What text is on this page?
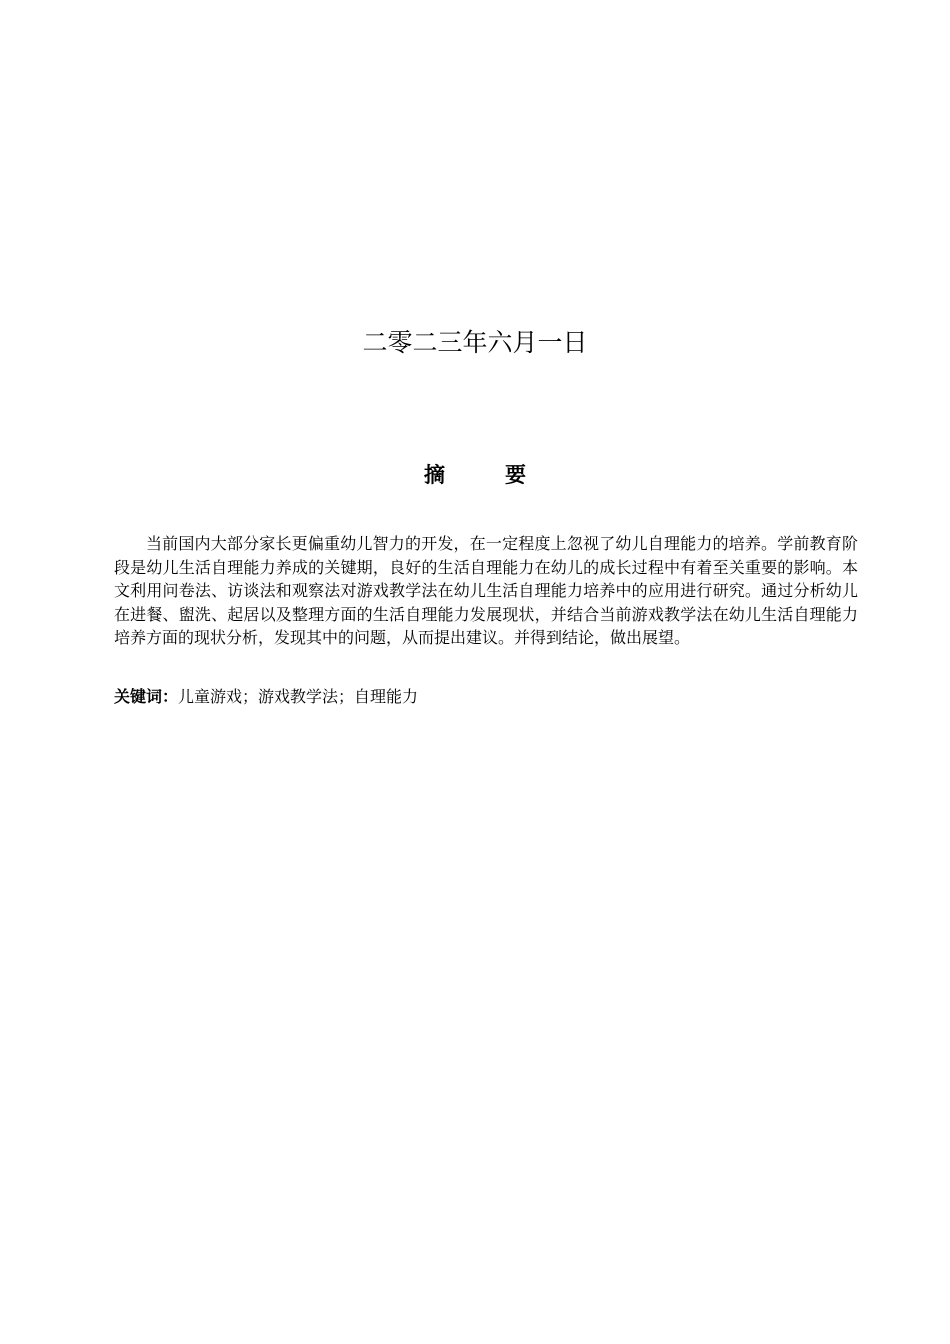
二零二三年六月一日
摘	要

当前国内大部分家长更偏重幼儿智力的开发，在一定程度上忽视了幼儿自理能力的培养。学前教育阶段是幼儿生活自理能力养成的关键期，良好的生活自理能力在幼儿的成长过程中有着至关重要的影响。本文利用问卷法、访谈法和观察法对游戏教学法在幼儿生活自理能力培养中的应用进行研究。通过分析幼儿在进餐、盥洗、起居以及整理方面的生活自理能力发展现状，并结合当前游戏教学法在幼儿生活自理能力培养方面的现状分析，发现其中的问题，从而提出建议。并得到结论，做出展望。

关键词：儿童游戏；游戏教学法；自理能力
